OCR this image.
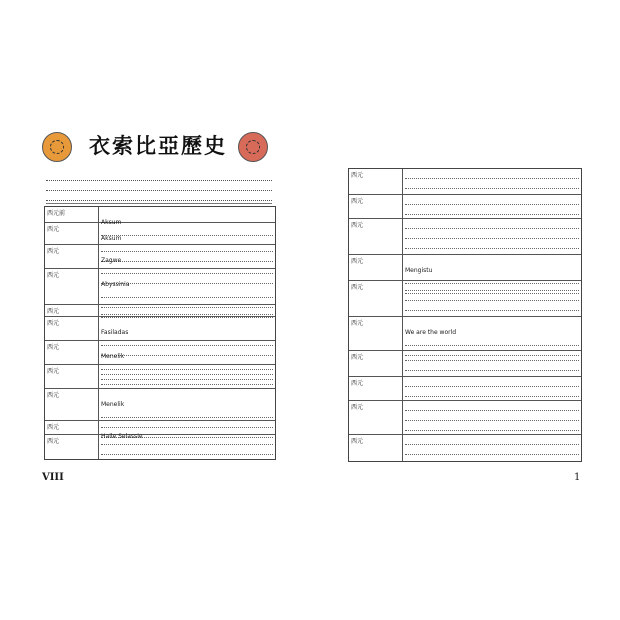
衣索比亞歷史
西元前
Aksum
西元
Aksum
西元
Zagwe
西元
Abyssinia
西元
西元
Fasiladas
西元
Menelik
西元
西元
Menelik
西元
Haile Selassie
西元
VIII
西元
西元
西元
西元
Mengistu
西元
西元
We are the world
西元
西元
西元
西元
1
